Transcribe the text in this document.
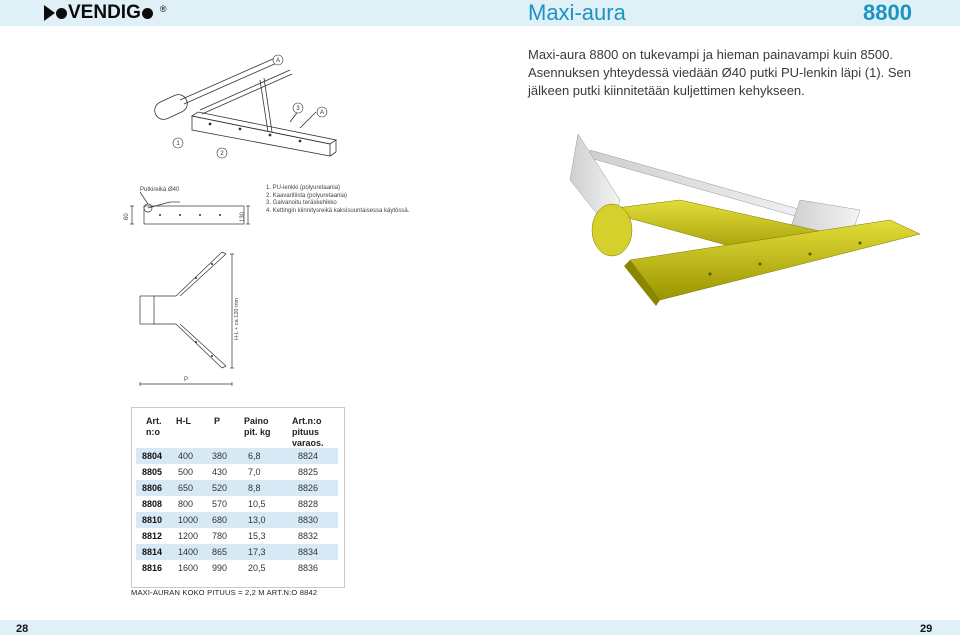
VENDIG ®	Maxi-aura	8800
Maxi-aura 8800 on tukevampi ja hieman painavampi kuin 8500. Asennuksen yhteydessä viedään Ø40 putki PU-lenkin läpi (1). Sen jälkeen putki kiinnitetään kuljettimen kehykseen.
A
3
A
1
2
Putkireikä Ø40
60	130
1. PU-lenkki (polyuretaania)
2. Kaavaritiista (polyuretaania)
3. Galvanoitu teräskehikko
4. Kettingin kiinnitysreikä kaksisuuntaisessa käytössä.
H-L + ca 120 mm
P
Art.
n:o
H-L	P	Paino
pit. kg
Art.n:o
pituus
varaos.
8804 400 380 6,8	8824
8805 500 430 7,0	8825
8806 650 520 8,8	8826
8808 800 570 10,5	8828
8810 1000 680 13,0	8830
8812 1200 780 15,3	8832
8814 1400 865 17,3	8834
8816 1600 990 20,5	8836
MAXI-AURAN KOKO PITUUS = 2,2 M ART.N:O 8842
28	29
